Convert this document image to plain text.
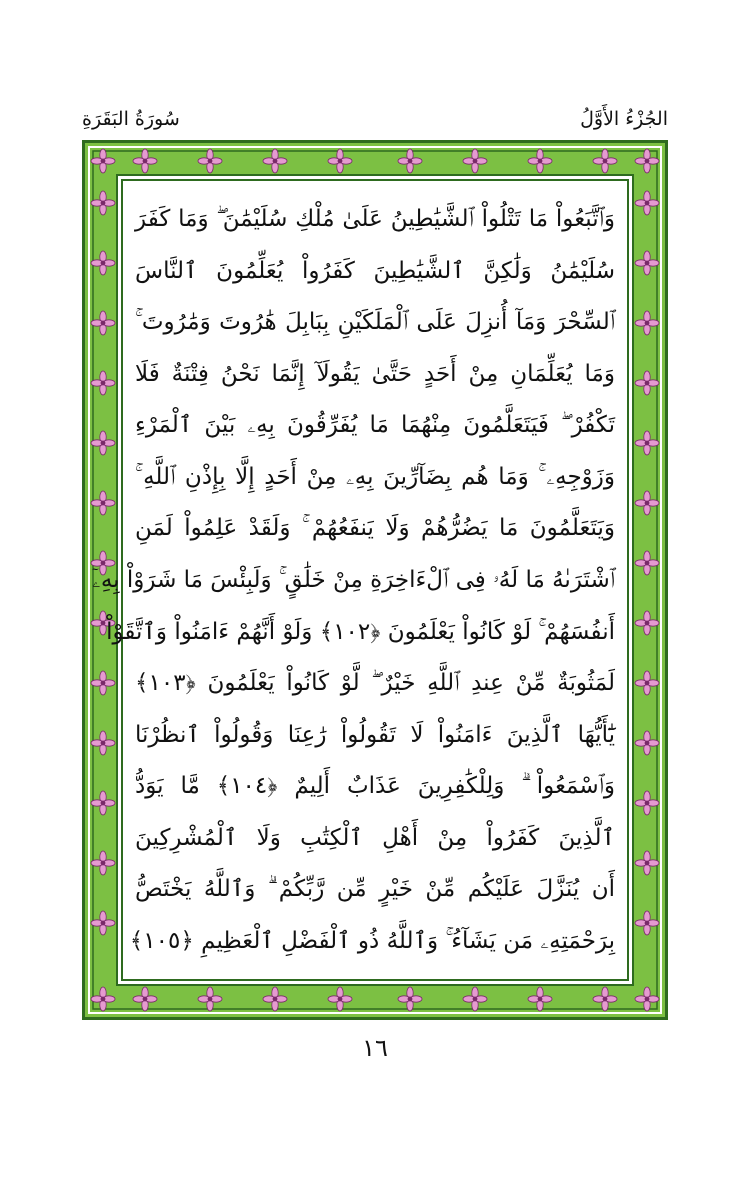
الجُزْءُ الأَوَّلُ
سُورَةُ البَقَرَةِ
وَٱتَّبَعُواْ مَا تَتْلُواْ ٱلشَّيَٰطِينُ عَلَىٰ مُلْكِ سُلَيْمَٰنَ ۖ وَمَا كَفَرَ
سُلَيْمَٰنُ وَلَٰكِنَّ ٱلشَّيَٰطِينَ كَفَرُواْ يُعَلِّمُونَ ٱلنَّاسَ
ٱلسِّحْرَ وَمَآ أُنزِلَ عَلَى ٱلْمَلَكَيْنِ بِبَابِلَ هَٰرُوتَ وَمَٰرُوتَ ۚ
وَمَا يُعَلِّمَانِ مِنْ أَحَدٍ حَتَّىٰ يَقُولَآ إِنَّمَا نَحْنُ فِتْنَةٌ فَلَا
تَكْفُرْ ۖ فَيَتَعَلَّمُونَ مِنْهُمَا مَا يُفَرِّقُونَ بِهِۦ بَيْنَ ٱلْمَرْءِ
وَزَوْجِهِۦ ۚ وَمَا هُم بِضَآرِّينَ بِهِۦ مِنْ أَحَدٍ إِلَّا بِإِذْنِ ٱللَّهِ ۚ
وَيَتَعَلَّمُونَ مَا يَضُرُّهُمْ وَلَا يَنفَعُهُمْ ۚ وَلَقَدْ عَلِمُواْ لَمَنِ
ٱشْتَرَىٰهُ مَا لَهُۥ فِى ٱلْءَاخِرَةِ مِنْ خَلَٰقٍ ۚ وَلَبِئْسَ مَا شَرَوْاْ بِهِۦٓ
أَنفُسَهُمْ ۚ لَوْ كَانُواْ يَعْلَمُونَ ﴿١٠٢﴾ وَلَوْ أَنَّهُمْ ءَامَنُواْ وَٱتَّقَوْاْ
لَمَثُوبَةٌ مِّنْ عِندِ ٱللَّهِ خَيْرٌ ۖ لَّوْ كَانُواْ يَعْلَمُونَ ﴿١٠٣﴾
يَٰٓأَيُّهَا ٱلَّذِينَ ءَامَنُواْ لَا تَقُولُواْ رَٰعِنَا وَقُولُواْ ٱنظُرْنَا
وَٱسْمَعُواْ ۗ وَلِلْكَٰفِرِينَ عَذَابٌ أَلِيمٌ ﴿١٠٤﴾ مَّا يَوَدُّ
ٱلَّذِينَ كَفَرُواْ مِنْ أَهْلِ ٱلْكِتَٰبِ وَلَا ٱلْمُشْرِكِينَ
أَن يُنَزَّلَ عَلَيْكُم مِّنْ خَيْرٍ مِّن رَّبِّكُمْ ۗ وَٱللَّهُ يَخْتَصُّ
بِرَحْمَتِهِۦ مَن يَشَآءُ ۚ وَٱللَّهُ ذُو ٱلْفَضْلِ ٱلْعَظِيمِ ﴿١٠٥﴾
١٦
